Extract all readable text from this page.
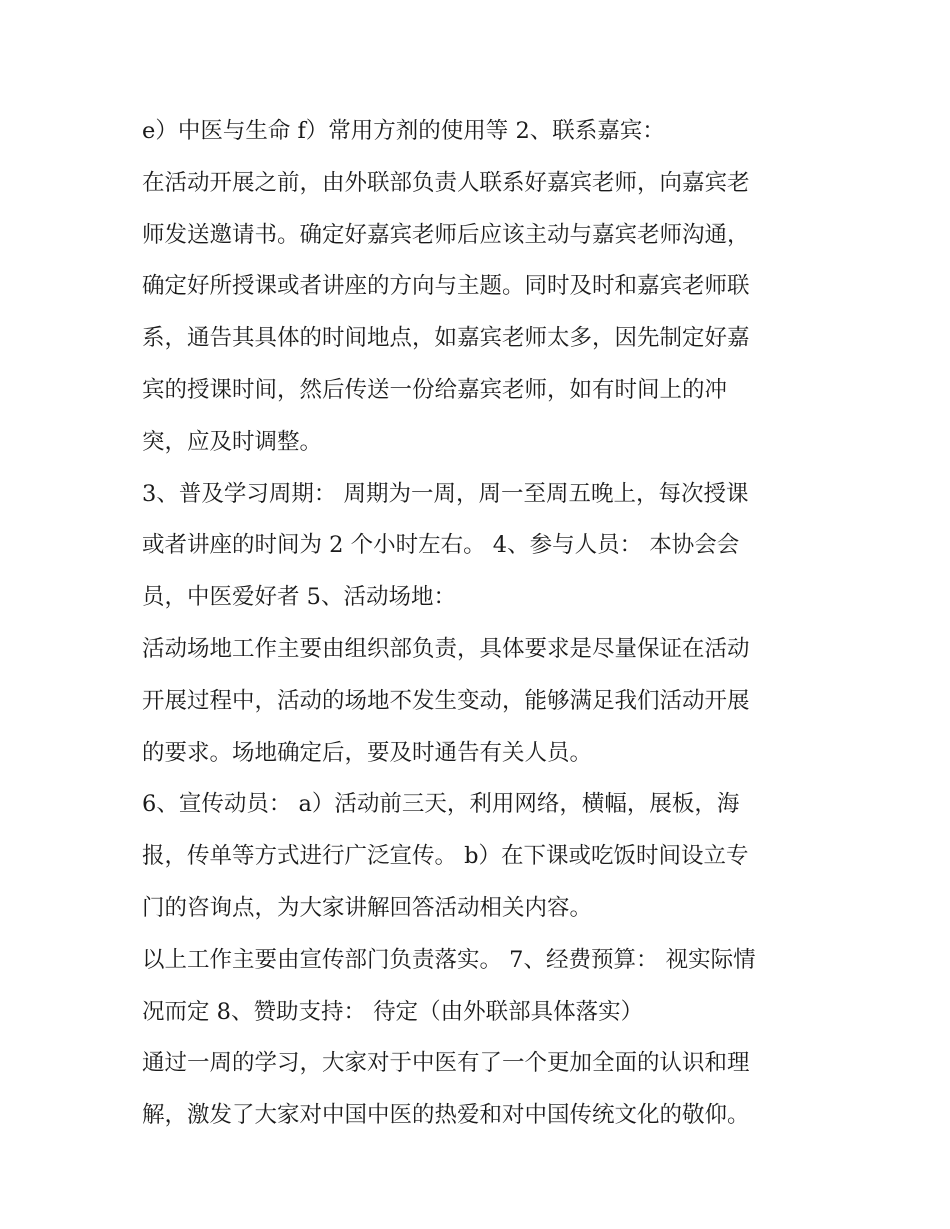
e）中医与生命 f）常用方剂的使用等 2、联系嘉宾：
在活动开展之前，由外联部负责人联系好嘉宾老师，向嘉宾老
师发送邀请书。确定好嘉宾老师后应该主动与嘉宾老师沟通，
确定好所授课或者讲座的方向与主题。同时及时和嘉宾老师联
系，通告其具体的时间地点，如嘉宾老师太多，因先制定好嘉
宾的授课时间，然后传送一份给嘉宾老师，如有时间上的冲
突，应及时调整。
3、普及学习周期： 周期为一周，周一至周五晚上，每次授课
或者讲座的时间为 2 个小时左右。 4、参与人员： 本协会会
员，中医爱好者 5、活动场地：
活动场地工作主要由组织部负责，具体要求是尽量保证在活动
开展过程中，活动的场地不发生变动，能够满足我们活动开展
的要求。场地确定后，要及时通告有关人员。
6、宣传动员： a）活动前三天，利用网络，横幅，展板，海
报，传单等方式进行广泛宣传。 b）在下课或吃饭时间设立专
门的咨询点，为大家讲解回答活动相关内容。
以上工作主要由宣传部门负责落实。 7、经费预算： 视实际情
况而定 8、赞助支持： 待定（由外联部具体落实）
通过一周的学习，大家对于中医有了一个更加全面的认识和理
解，激发了大家对中国中医的热爱和对中国传统文化的敬仰。
